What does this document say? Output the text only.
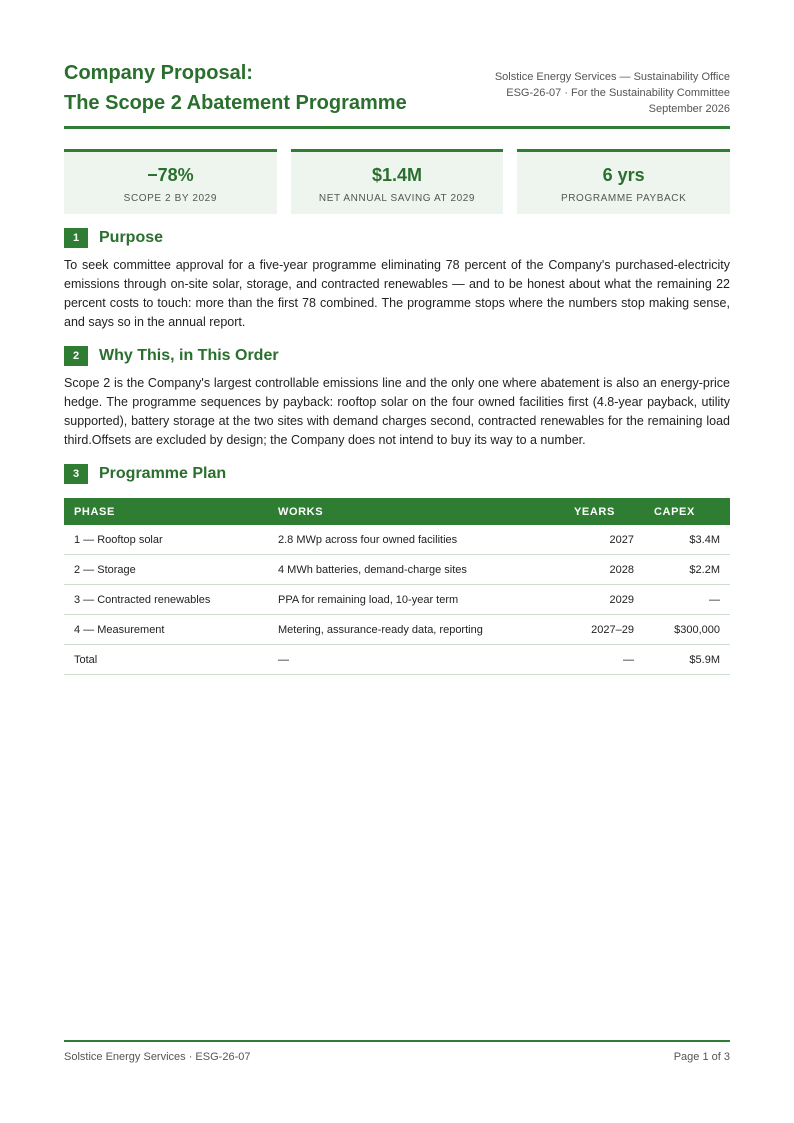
Company Proposal:
The Scope 2 Abatement Programme
Solstice Energy Services — Sustainability Office
ESG-26-07 · For the Sustainability Committee
September 2026
−78%
SCOPE 2 BY 2029
$1.4M
NET ANNUAL SAVING AT 2029
6 yrs
PROGRAMME PAYBACK
1	Purpose

To seek committee approval for a five-year programme eliminating 78 percent of the Company's purchased-electricity emissions through on-site solar, storage, and contracted renewables — and to be honest about what the remaining 22 percent costs to touch: more than the first 78 combined. The programme stops where the numbers stop making sense, and says so in the annual report.

2	Why This, in This Order

Scope 2 is the Company's largest controllable emissions line and the only one where abatement is also an energy-price hedge. The programme sequences by payback: rooftop solar on the four owned facilities first (4.8-year payback, utility supported), battery storage at the two sites with demand charges second, contracted renewables for the remaining load third.Offsets are excluded by design; the Company does not intend to buy its way to a number.

3	Programme Plan
PHASE	WORKS	YEARS	CAPEX
1 — Rooftop solar	2.8 MWp across four owned facilities	2027	$3.4M
2 — Storage	4 MWh batteries, demand-charge sites	2028	$2.2M
3 — Contracted renewables	PPA for remaining load, 10-year term	2029	—
4 — Measurement	Metering, assurance-ready data, reporting	2027–29	$300,000
Total	—	—	$5.9M
Solstice Energy Services · ESG-26-07	Page 1 of 3
